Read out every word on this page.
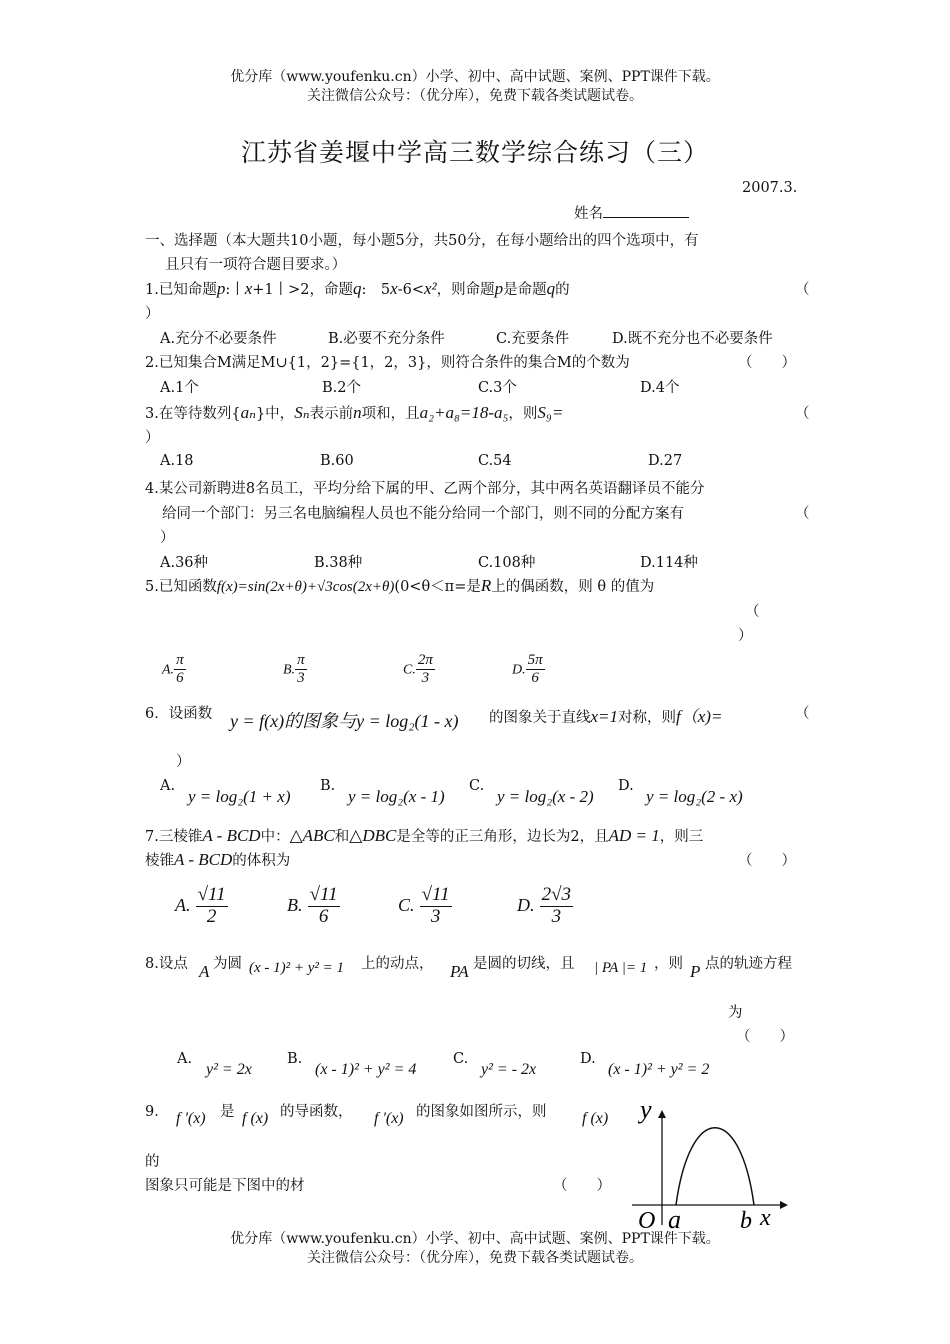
优分库（www.youfenku.cn）小学、初中、高中试题、案例、PPT课件下载。
关注微信公众号：（优分库），免费下载各类试题试卷。
江苏省姜堰中学高三数学综合练习（三）
2007.3.
姓名
一、选择题（本大题共10小题，每小题5分，共50分，在每小题给出的四个选项中，有
且只有一项符合题目要求。）
1.已知命题p:丨x+1丨>2，命题q:　5x-6<x²，则命题p是命题q的	（
）
A.充分不必要条件	B.必要不充分条件	C.充要条件	D.既不充分也不必要条件
2.已知集合M满足M∪{1，2}={1，2，3}，则符合条件的集合M的个数为	（　　）
A.1个	B.2个	C.3个	D.4个
3.在等待数列{aₙ}中，Sₙ表示前n项和，且a₂+a₈=18-a₅，则S₉=	（
）
A.18	B.60	C.54	D.27
4.某公司新聘进8名员工，平均分给下属的甲、乙两个部分，其中两名英语翻译员不能分
给同一个部门：另三名电脑编程人员也不能分给同一个部门，则不同的分配方案有	（
）
A.36种	B.38种	C.108种	D.114种
5.已知函数f(x)=sin(2x+θ)+√3cos(2x+θ)(0<θ＜π=是R上的偶函数，则 θ 的值为
（
）
A. $\frac{\pi}{6}$	B. $\frac{\pi}{3}$	C. $\frac{2\pi}{3}$	D. $\frac{5\pi}{6}$
6．设函数 y = f(x)的图象与y = log₂(1 - x) 的图象关于直线x=1对称，则f（x)=	（
）
A.
y = log₂(1 + x)
B.
y = log₂(x - 1)
C.
y = log₂(x - 2)
D.
y = log₂(2 - x)
7.三棱锥A - BCD中：△ABC和△DBC是全等的正三角形，边长为2，且AD = 1，则三
棱锥A - BCD的体积为	（　　）
A. $\frac{√11}{2}$	B. $\frac{√11}{6}$	C. $\frac{√11}{3}$	D. $\frac{2√3}{3}$
8.设点 A 为圆 (x - 1)² + y² = 1 上的动点， PA 是圆的切线，且 | PA |= 1 ，则 P 点的轨迹方程
为
（　　）
A.
y² = 2x
B.
(x - 1)² + y² = 4
C.
y² = - 2x
D.
(x - 1)² + y² = 2
9． f '(x) 是 f (x) 的导函数， f '(x) 的图象如图所示，则 f (x)
的
图象只可能是下图中的材	（　　）
y
x
O a b
优分库（www.youfenku.cn）小学、初中、高中试题、案例、PPT课件下载。
关注微信公众号：（优分库），免费下载各类试题试卷。
